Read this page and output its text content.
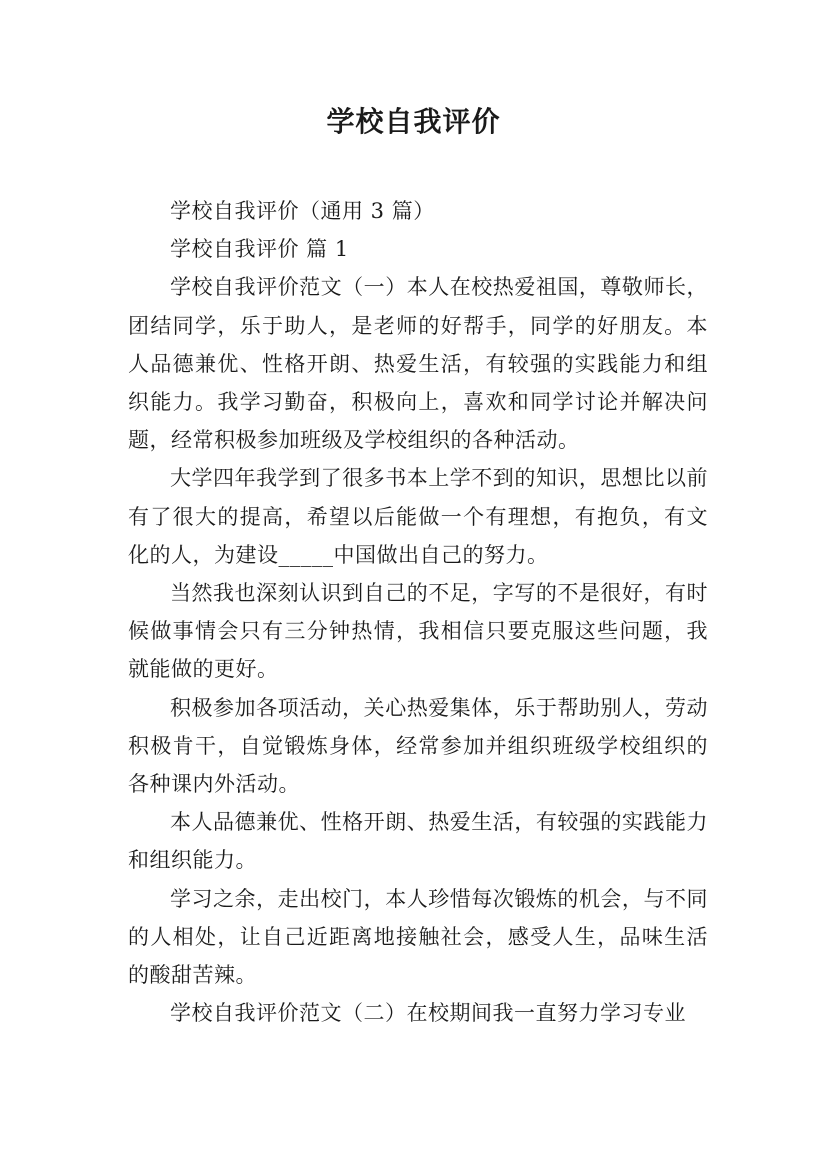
学校自我评价

学校自我评价（通用 3 篇）

学校自我评价 篇 1

学校自我评价范文（一）本人在校热爱祖国，尊敬师长，团结同学，乐于助人，是老师的好帮手，同学的好朋友。本人品德兼优、性格开朗、热爱生活，有较强的实践能力和组织能力。我学习勤奋，积极向上，喜欢和同学讨论并解决问题，经常积极参加班级及学校组织的各种活动。

大学四年我学到了很多书本上学不到的知识，思想比以前有了很大的提高，希望以后能做一个有理想，有抱负，有文化的人，为建设_____中国做出自己的努力。

当然我也深刻认识到自己的不足，字写的不是很好，有时候做事情会只有三分钟热情，我相信只要克服这些问题，我就能做的更好。

积极参加各项活动，关心热爱集体，乐于帮助别人，劳动积极肯干，自觉锻炼身体，经常参加并组织班级学校组织的各种课内外活动。

本人品德兼优、性格开朗、热爱生活，有较强的实践能力和组织能力。

学习之余，走出校门，本人珍惜每次锻炼的机会，与不同的人相处，让自己近距离地接触社会，感受人生，品味生活的酸甜苦辣。

学校自我评价范文（二）在校期间我一直努力学习专业
